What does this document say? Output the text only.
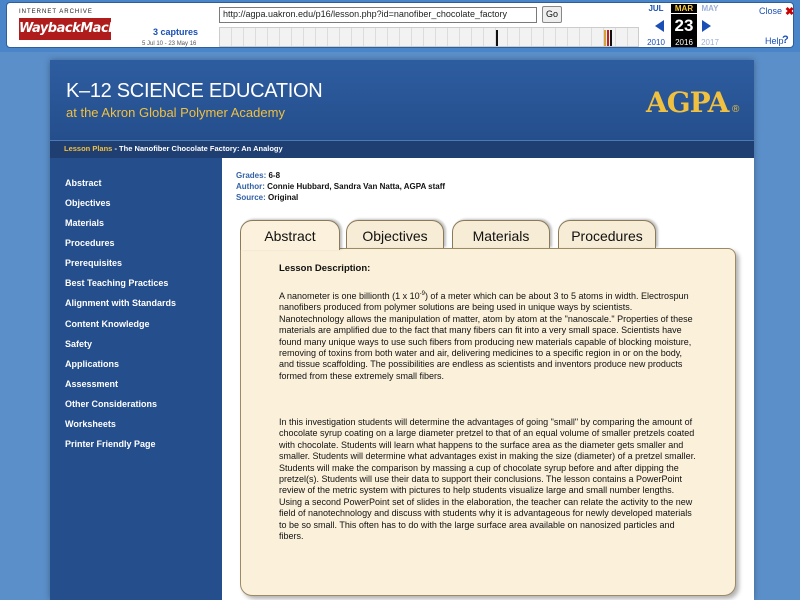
INTERNET ARCHIVE
WaybackMachine
http://agpa.uakron.edu/p16/lesson.php?id=nanofiber_chocolate_factory	Go
3 captures
5 Jul 10 - 23 May 16
JUL	MAR	MAY
23
2010	2016	2017
Close ✖
Help
?
K–12 SCIENCE EDUCATION
at the Akron Global Polymer Academy	AGPA ®
Lesson Plans - The Nanofiber Chocolate Factory: An Analogy
Abstract
Objectives
Materials
Procedures
Prerequisites
Best Teaching Practices
Alignment with Standards
Content Knowledge
Safety
Applications
Assessment
Other Considerations
Worksheets
Printer Friendly Page
Grades: 6-8
Author: Connie Hubbard, Sandra Van Natta, AGPA staff
Source: Original
Abstract	Objectives	Materials	Procedures
Lesson Description:
A nanometer is one billionth (1 x $10^{-9}$) of a meter which can be about 3 to 5 atoms in width. Electrospun nanofibers produced from polymer solutions are being used in unique ways by scientists. Nanotechnology allows the manipulation of matter, atom by atom at the "nanoscale." Properties of these materials are amplified due to the fact that many fibers can fit into a very small space. Scientists have found many unique ways to use such fibers from producing new materials capable of blocking moisture, removing of toxins from both water and air, delivering medicines to a specific region in or on the body, and tissue scaffolding. The possibilities are endless as scientists and inventors produce new products formed from these extremely small fibers.
In this investigation students will determine the advantages of going "small" by comparing the amount of chocolate syrup coating on a large diameter pretzel to that of an equal volume of smaller pretzels coated with chocolate. Students will learn what happens to the surface area as the diameter gets smaller and smaller. Students will determine what advantages exist in making the size (diameter) of a pretzel smaller. Students will make the comparison by massing a cup of chocolate syrup before and after dipping the pretzel(s). Students will use their data to support their conclusions. The lesson contains a PowerPoint review of the metric system with pictures to help students visualize large and small number lengths. Using a second PowerPoint set of slides in the elaboration, the teacher can relate the activity to the new field of nanotechnology and discuss with students why it is advantageous for newly developed materials to be so small. This often has to do with the large surface area available on nanosized particles and fibers.
